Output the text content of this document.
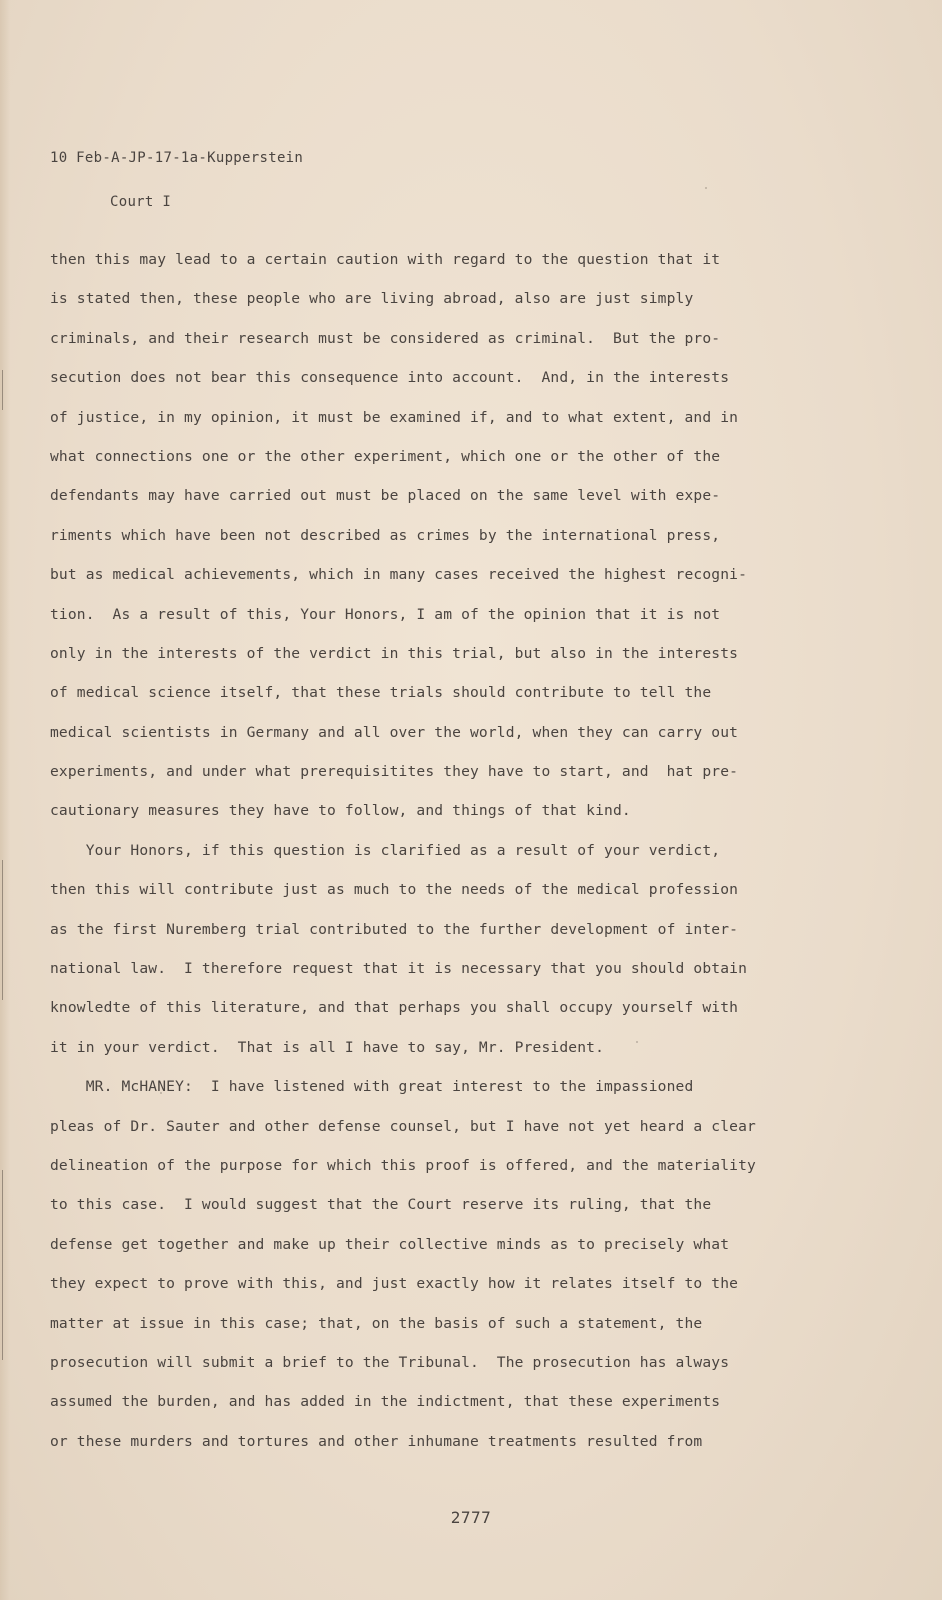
10 Feb-A-JP-17-1a-Kupperstein
Court I
then this may lead to a certain caution with regard to the question that it
is stated then, these people who are living abroad, also are just simply
criminals, and their research must be considered as criminal.  But the pro-
secution does not bear this consequence into account.  And, in the interests
of justice, in my opinion, it must be examined if, and to what extent, and in
what connections one or the other experiment, which one or the other of the
defendants may have carried out must be placed on the same level with expe-
riments which have been not described as crimes by the international press,
but as medical achievements, which in many cases received the highest recogni-
tion.  As a result of this, Your Honors, I am of the opinion that it is not
only in the interests of the verdict in this trial, but also in the interests
of medical science itself, that these trials should contribute to tell the
medical scientists in Germany and all over the world, when they can carry out
experiments, and under what prerequisitites they have to start, and  hat pre-
cautionary measures they have to follow, and things of that kind.
Your Honors, if this question is clarified as a result of your verdict,
then this will contribute just as much to the needs of the medical profession
as the first Nuremberg trial contributed to the further development of inter-
national law.  I therefore request that it is necessary that you should obtain
knowledte of this literature, and that perhaps you shall occupy yourself with
it in your verdict.  That is all I have to say, Mr. President.
MR. McHANEY:  I have listened with great interest to the impassioned
pleas of Dr. Sauter and other defense counsel, but I have not yet heard a clear
delineation of the purpose for which this proof is offered, and the materiality
to this case.  I would suggest that the Court reserve its ruling, that the
defense get together and make up their collective minds as to precisely what
they expect to prove with this, and just exactly how it relates itself to the
matter at issue in this case; that, on the basis of such a statement, the
prosecution will submit a brief to the Tribunal.  The prosecution has always
assumed the burden, and has added in the indictment, that these experiments
or these murders and tortures and other inhumane treatments resulted from
2777
